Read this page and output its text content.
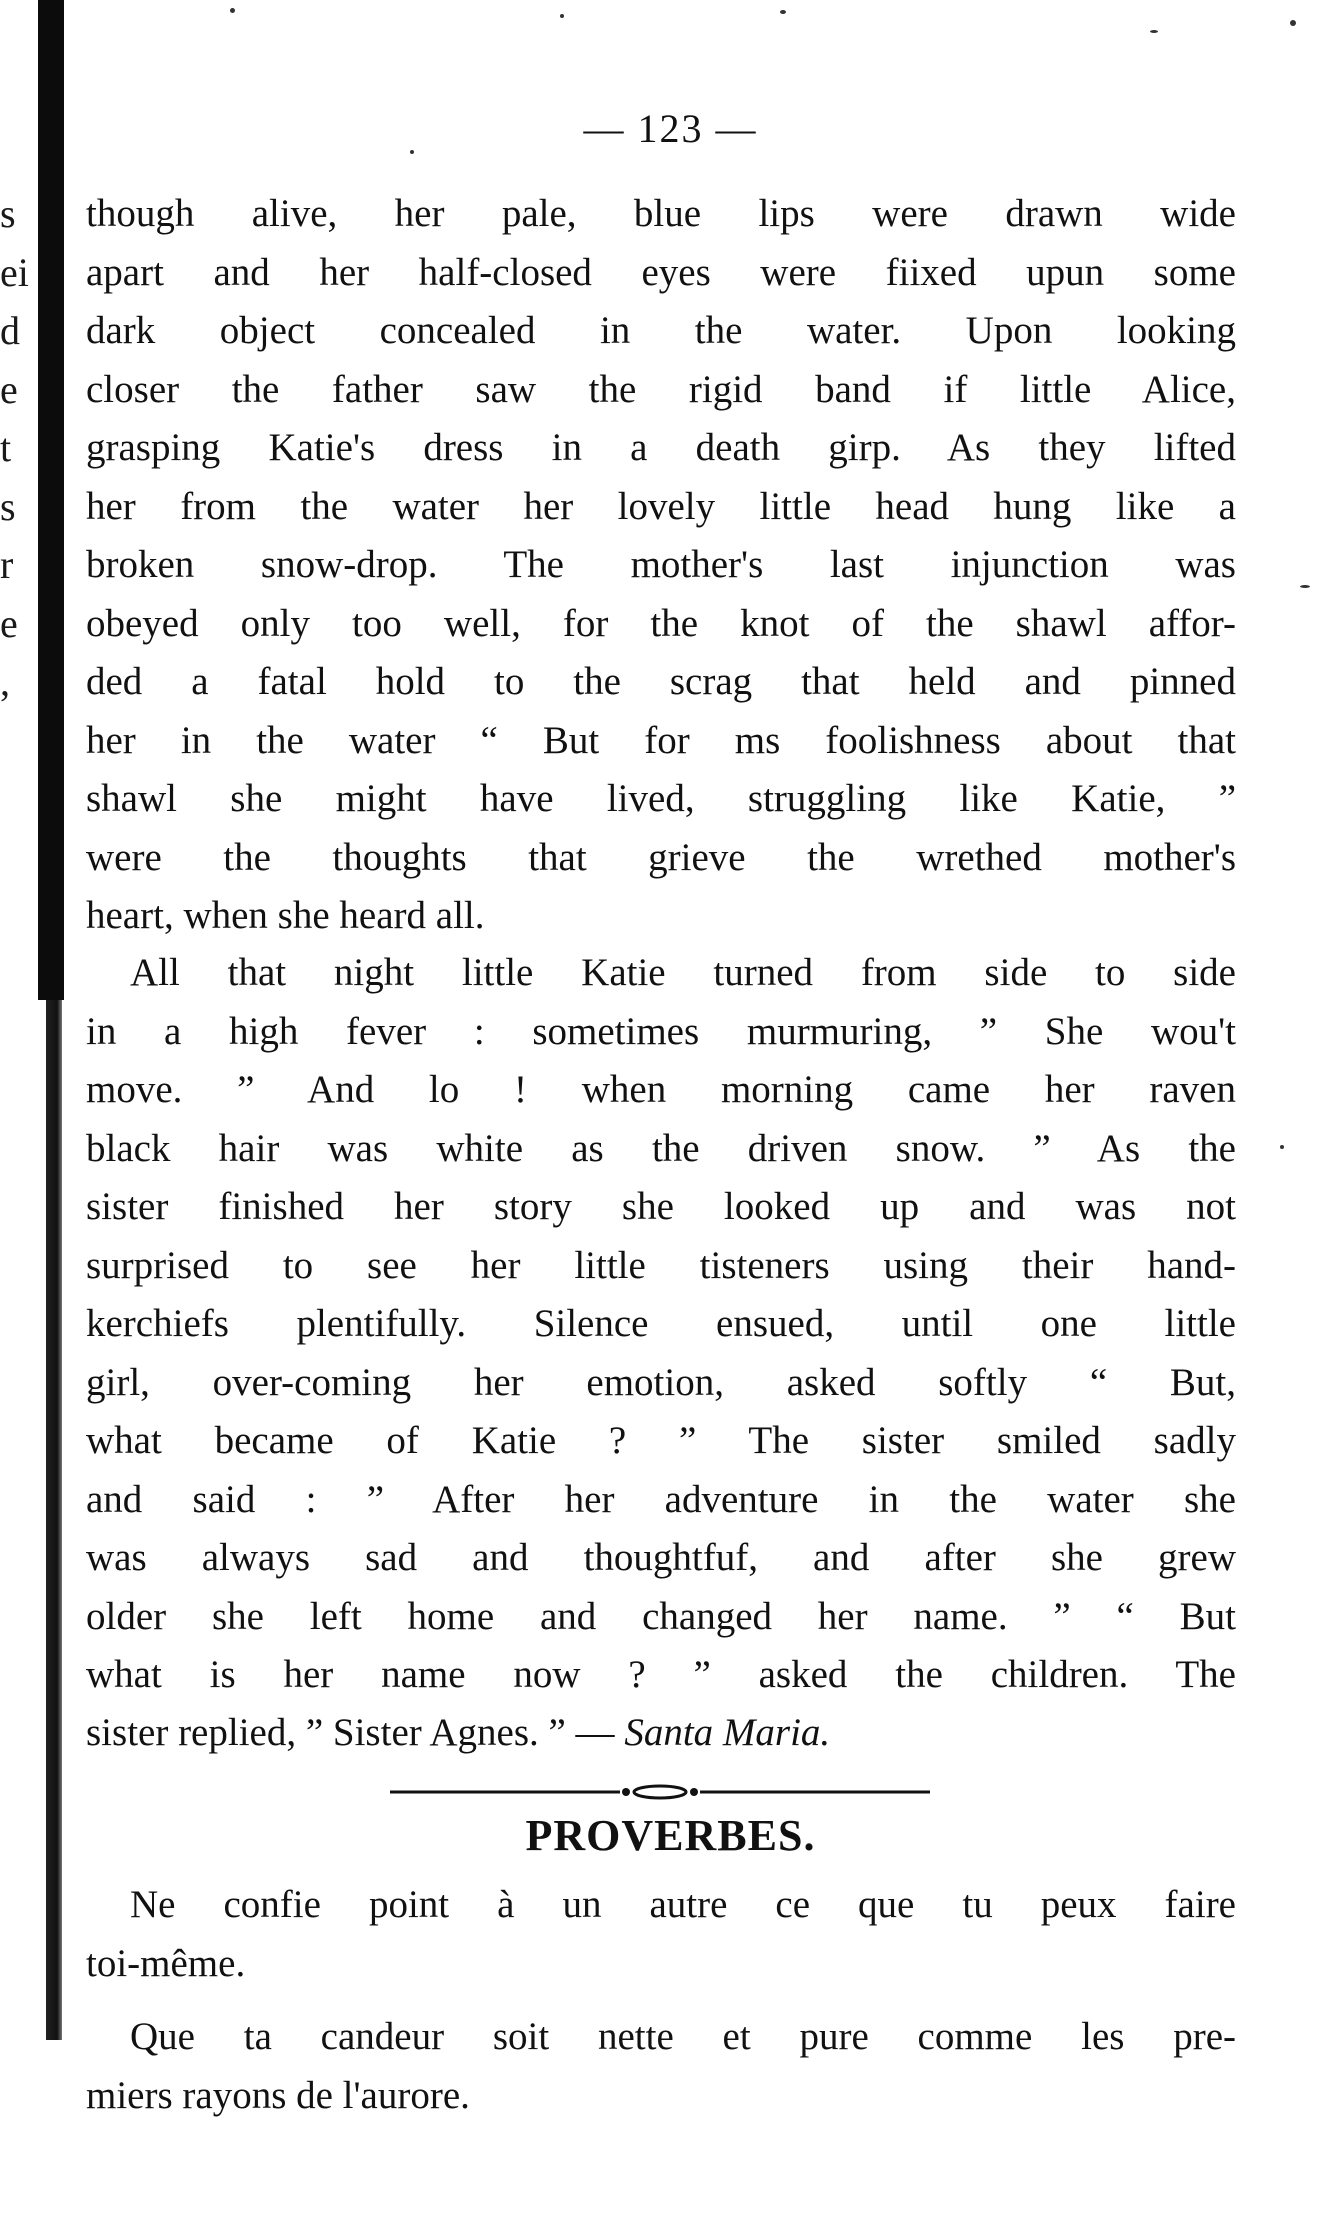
s
ei
d
e
t
s
r
e
,
— 123 —
though alive, her pale, blue lips were drawn wide
apart and her half-closed eyes were fiixed upun some
dark object concealed in the water. Upon looking
closer the father saw the rigid band if little Alice,
grasping Katie's dress in a death girp. As they lifted
her from the water her lovely little head hung like a
broken snow-drop. The mother's last injunction was
obeyed only too well, for the knot of the shawl affor-
ded a fatal hold to the scrag that held and pinned
her in the water “ But for ms foolishness about that
shawl she might have lived, struggling like Katie, ”
were the thoughts that grieve the wrethed mother's
heart, when she heard all.
All that night little Katie turned from side to side
in a high fever : sometimes murmuring, ” She wou't
move. ” And lo ! when morning came her raven
black hair was white as the driven snow. ” As the
sister finished her story she looked up and was not
surprised to see her little tisteners using their hand-
kerchiefs plentifully. Silence ensued, until one little
girl, over-coming her emotion, asked softly “ But,
what became of Katie ? ” The sister smiled sadly
and said : ” After her adventure in the water she
was always sad and thoughtfuf, and after she grew
older she left home and changed her name. ” “ But
what is her name now ? ” asked the children. The
sister replied, ” Sister Agnes. ” — Santa Maria.
PROVERBES.
Ne confie point à un autre ce que tu peux faire
toi-même.
Que ta candeur soit nette et pure comme les pre-
miers rayons de l'aurore.
